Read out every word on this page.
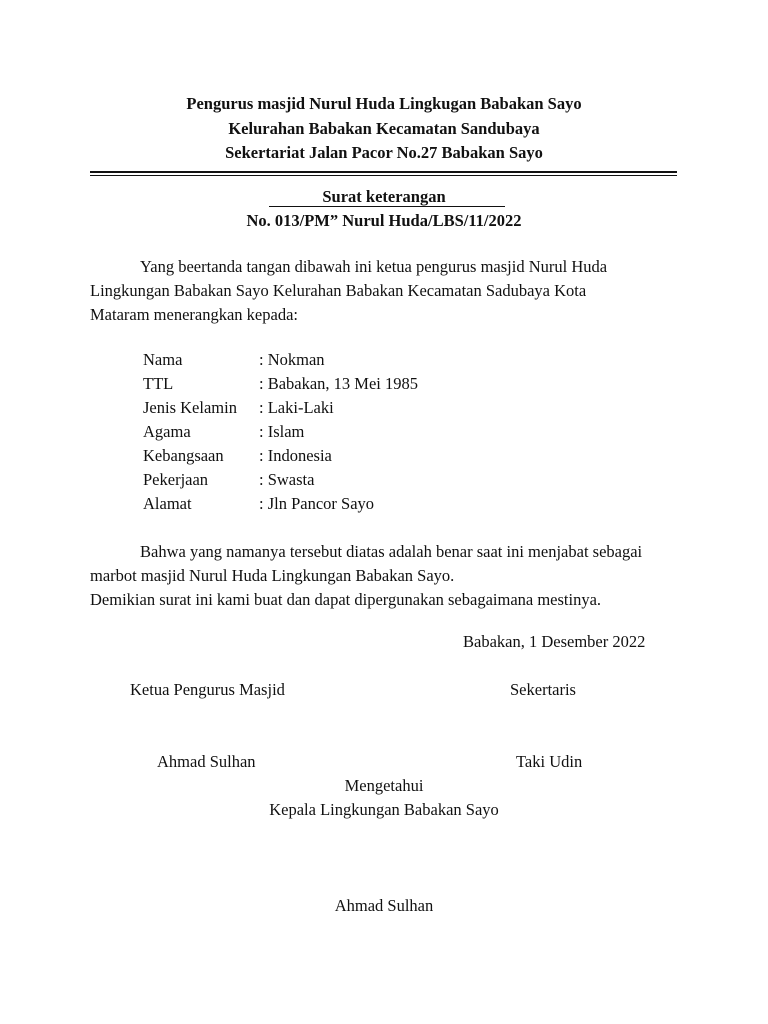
Pengurus masjid Nurul Huda Lingkugan Babakan Sayo
Kelurahan Babakan Kecamatan Sandubaya
Sekertariat Jalan Pacor No.27 Babakan Sayo
Surat keterangan
No. 013/PM” Nurul Huda/LBS/11/2022

Yang beertanda tangan dibawah ini ketua pengurus masjid Nurul Huda

Lingkungan Babakan Sayo Kelurahan Babakan Kecamatan Sadubaya Kota

Mataram menerangkan kepada:

Nama	: Nokman
TTL	: Babakan, 13 Mei 1985
Jenis Kelamin	: Laki-Laki
Agama	: Islam
Kebangsaan	: Indonesia
Pekerjaan	: Swasta
Alamat	: Jln Pancor Sayo

Bahwa yang namanya tersebut diatas adalah benar saat ini menjabat sebagai

marbot masjid Nurul Huda Lingkungan Babakan Sayo.

Demikian surat ini kami buat dan dapat dipergunakan sebagaimana mestinya.

Babakan, 1 Desember 2022
Ketua Pengurus Masjid	Sekertaris
Ahmad Sulhan	Taki Udin
Mengetahui
Kepala Lingkungan Babakan Sayo
Ahmad Sulhan
